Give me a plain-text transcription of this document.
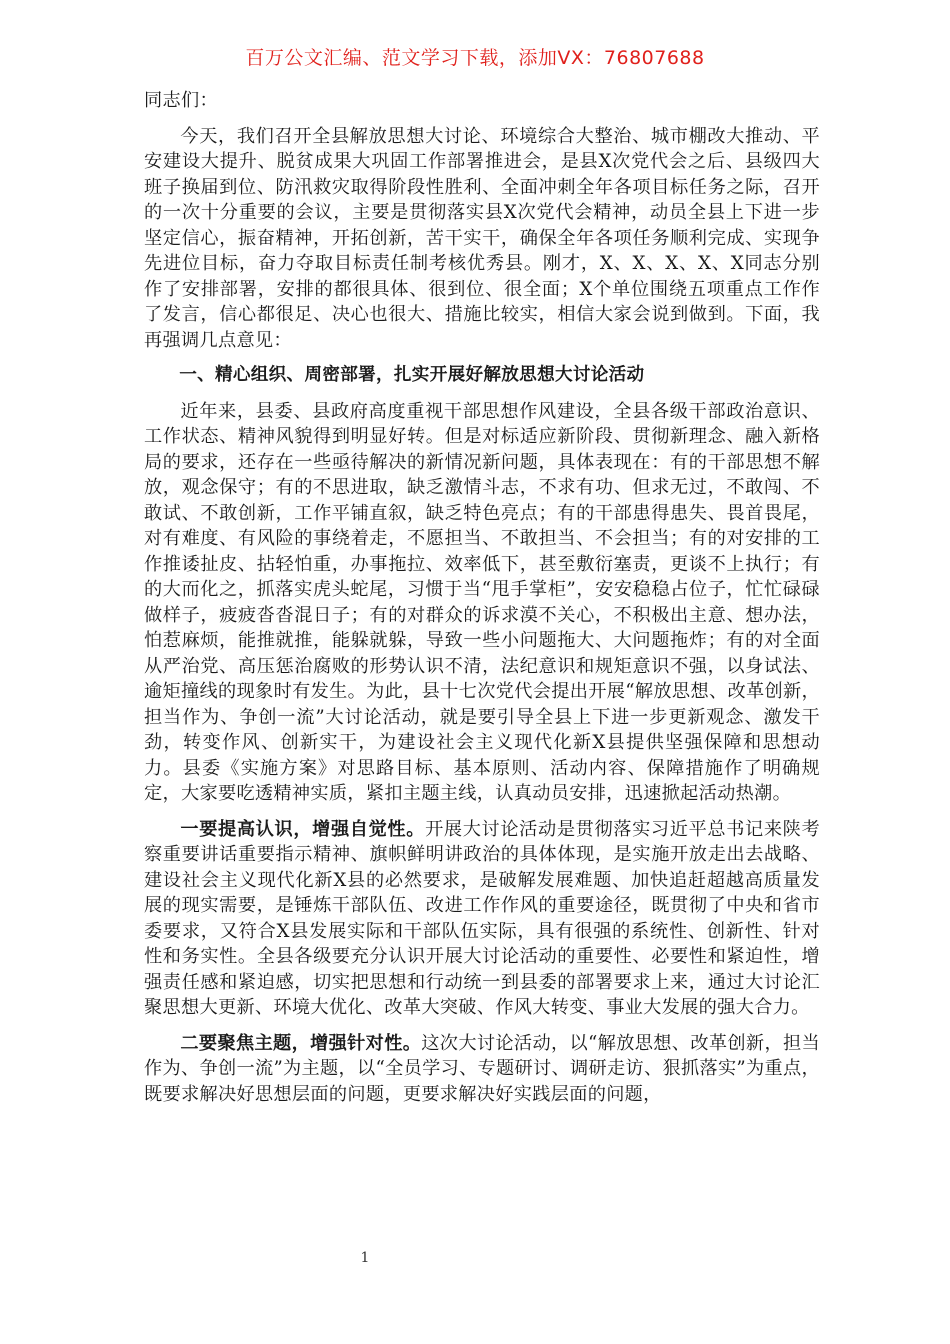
百万公文汇编、范文学习下载，添加VX：76807688

同志们：

今天，我们召开全县解放思想大讨论、环境综合大整治、城市棚改大推动、平安建设大提升、脱贫成果大巩固工作部署推进会，是县X次党代会之后、县级四大班子换届到位、防汛救灾取得阶段性胜利、全面冲刺全年各项目标任务之际，召开的一次十分重要的会议，主要是贯彻落实县X次党代会精神，动员全县上下进一步坚定信心，振奋精神，开拓创新，苦干实干，确保全年各项任务顺利完成、实现争先进位目标，奋力夺取目标责任制考核优秀县。刚才，X、X、X、X、X同志分别作了安排部署，安排的都很具体、很到位、很全面；X个单位围绕五项重点工作作了发言，信心都很足、决心也很大、措施比较实，相信大家会说到做到。下面，我再强调几点意见：

一、精心组织、周密部署，扎实开展好解放思想大讨论活动

近年来，县委、县政府高度重视干部思想作风建设，全县各级干部政治意识、工作状态、精神风貌得到明显好转。但是对标适应新阶段、贯彻新理念、融入新格局的要求，还存在一些亟待解决的新情况新问题，具体表现在：有的干部思想不解放，观念保守；有的不思进取，缺乏激情斗志，不求有功、但求无过，不敢闯、不敢试、不敢创新，工作平铺直叙，缺乏特色亮点；有的干部患得患失、畏首畏尾，对有难度、有风险的事绕着走，不愿担当、不敢担当、不会担当；有的对安排的工作推诿扯皮、拈轻怕重，办事拖拉、效率低下，甚至敷衍塞责，更谈不上执行；有的大而化之，抓落实虎头蛇尾，习惯于当“甩手掌柜”，安安稳稳占位子，忙忙碌碌做样子，疲疲沓沓混日子；有的对群众的诉求漠不关心，不积极出主意、想办法，怕惹麻烦，能推就推，能躲就躲，导致一些小问题拖大、大问题拖炸；有的对全面从严治党、高压惩治腐败的形势认识不清，法纪意识和规矩意识不强，以身试法、逾矩撞线的现象时有发生。为此，县十七次党代会提出开展“解放思想、改革创新，担当作为、争创一流”大讨论活动，就是要引导全县上下进一步更新观念、激发干劲，转变作风、创新实干，为建设社会主义现代化新X县提供坚强保障和思想动力。县委《实施方案》对思路目标、基本原则、活动内容、保障措施作了明确规定，大家要吃透精神实质，紧扣主题主线，认真动员安排，迅速掀起活动热潮。

一要提高认识，增强自觉性。开展大讨论活动是贯彻落实习近平总书记来陕考察重要讲话重要指示精神、旗帜鲜明讲政治的具体体现，是实施开放走出去战略、建设社会主义现代化新X县的必然要求，是破解发展难题、加快追赶超越高质量发展的现实需要，是锤炼干部队伍、改进工作作风的重要途径，既贯彻了中央和省市委要求，又符合X县发展实际和干部队伍实际，具有很强的系统性、创新性、针对性和务实性。全县各级要充分认识开展大讨论活动的重要性、必要性和紧迫性，增强责任感和紧迫感，切实把思想和行动统一到县委的部署要求上来，通过大讨论汇聚思想大更新、环境大优化、改革大突破、作风大转变、事业大发展的强大合力。

二要聚焦主题，增强针对性。这次大讨论活动，以“解放思想、改革创新，担当作为、争创一流”为主题，以“全员学习、专题研讨、调研走访、狠抓落实”为重点，既要求解决好思想层面的问题，更要求解决好实践层面的问题，

1
